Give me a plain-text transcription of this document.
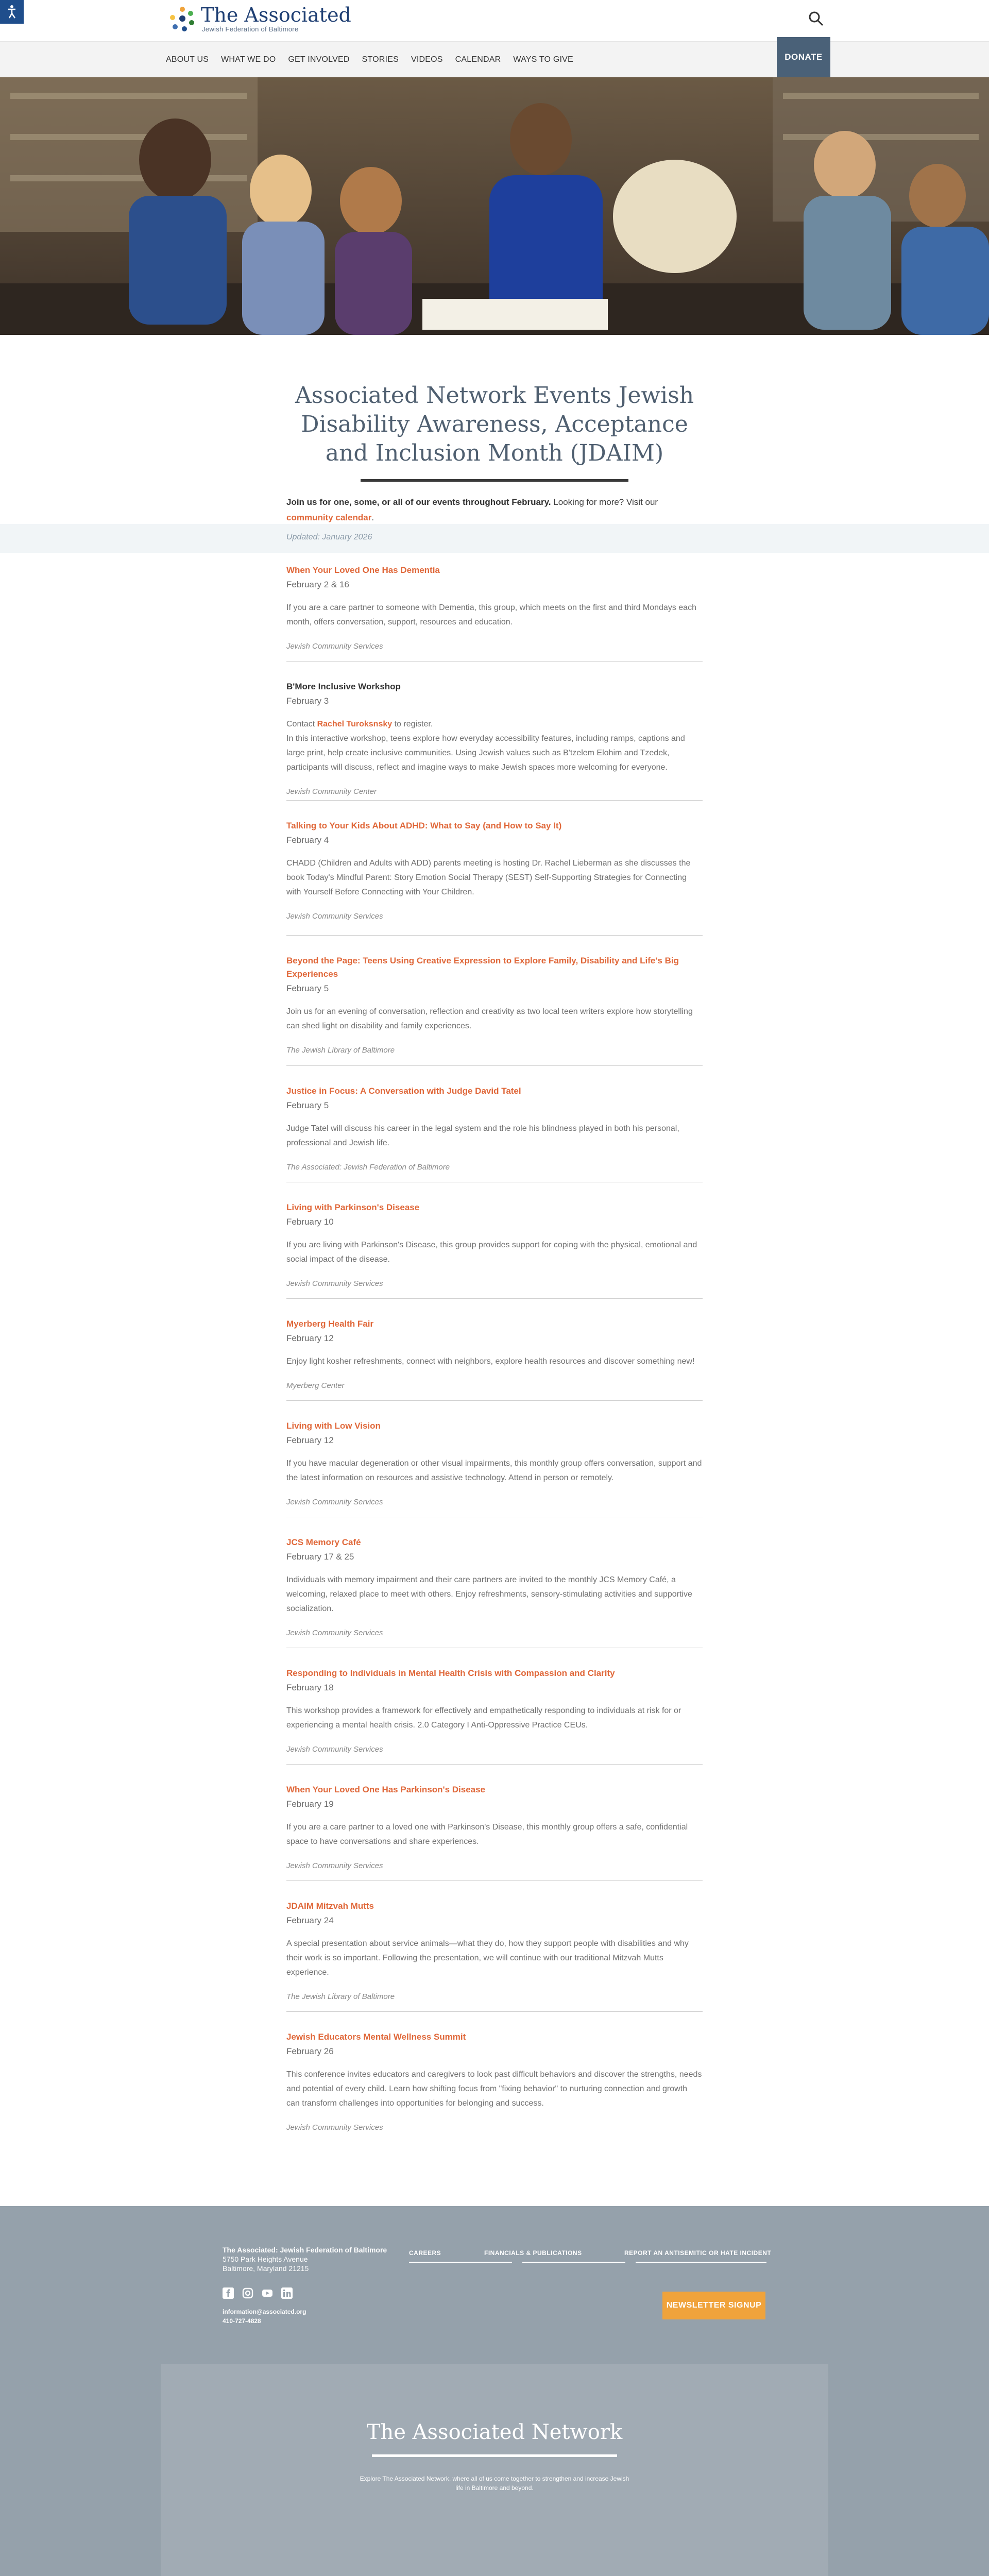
The Associated
Jewish Federation of Baltimore
ABOUT US WHAT WE DO GET INVOLVED STORIES VIDEOS CALENDAR WAYS TO GIVE	DONATE
Associated Network Events Jewish Disability Awareness, Acceptance and Inclusion Month (JDAIM)
Join us for one, some, or all of our events throughout February. Looking for more? Visit our community calendar.
Updated: January 2026
When Your Loved One Has Dementia
February 2 & 16
If you are a care partner to someone with Dementia, this group, which meets on the first and third Mondays each month, offers conversation, support, resources and education.
Jewish Community Services
B'More Inclusive Workshop
February 3
Contact Rachel Turoksnsky to register.
In this interactive workshop, teens explore how everyday accessibility features, including ramps, captions and large print, help create inclusive communities. Using Jewish values such as B'tzelem Elohim and Tzedek, participants will discuss, reflect and imagine ways to make Jewish spaces more welcoming for everyone.
Jewish Community Center
Talking to Your Kids About ADHD: What to Say (and How to Say It)
February 4
CHADD (Children and Adults with ADD) parents meeting is hosting Dr. Rachel Lieberman as she discusses the book Today's Mindful Parent: Story Emotion Social Therapy (SEST) Self-Supporting Strategies for Connecting with Yourself Before Connecting with Your Children.
Jewish Community Services
Beyond the Page: Teens Using Creative Expression to Explore Family, Disability and Life's Big Experiences
February 5
Join us for an evening of conversation, reflection and creativity as two local teen writers explore how storytelling can shed light on disability and family experiences.
The Jewish Library of Baltimore
Justice in Focus: A Conversation with Judge David Tatel
February 5
Judge Tatel will discuss his career in the legal system and the role his blindness played in both his personal, professional and Jewish life.
The Associated: Jewish Federation of Baltimore
Living with Parkinson's Disease
February 10
If you are living with Parkinson's Disease, this group provides support for coping with the physical, emotional and social impact of the disease.
Jewish Community Services
Myerberg Health Fair
February 12
Enjoy light kosher refreshments, connect with neighbors, explore health resources and discover something new!
Myerberg Center
Living with Low Vision
February 12
If you have macular degeneration or other visual impairments, this monthly group offers conversation, support and the latest information on resources and assistive technology. Attend in person or remotely.
Jewish Community Services
JCS Memory Café
February 17 & 25
Individuals with memory impairment and their care partners are invited to the monthly JCS Memory Café, a welcoming, relaxed place to meet with others. Enjoy refreshments, sensory-stimulating activities and supportive socialization.
Jewish Community Services
Responding to Individuals in Mental Health Crisis with Compassion and Clarity
February 18
This workshop provides a framework for effectively and empathetically responding to individuals at risk for or experiencing a mental health crisis. 2.0 Category I Anti-Oppressive Practice CEUs.
Jewish Community Services
When Your Loved One Has Parkinson's Disease
February 19
If you are a care partner to a loved one with Parkinson's Disease, this monthly group offers a safe, confidential space to have conversations and share experiences.
Jewish Community Services
JDAIM Mitzvah Mutts
February 24
A special presentation about service animals—what they do, how they support people with disabilities and why their work is so important. Following the presentation, we will continue with our traditional Mitzvah Mutts experience.
The Jewish Library of Baltimore
Jewish Educators Mental Wellness Summit
February 26
This conference invites educators and caregivers to look past difficult behaviors and discover the strengths, needs and potential of every child. Learn how shifting focus from "fixing behavior" to nurturing connection and growth can transform challenges into opportunities for belonging and success.
Jewish Community Services
The Associated: Jewish Federation of Baltimore
5750 Park Heights Avenue
Baltimore, Maryland 21215
information@associated.org
410-727-4828
CAREERS	FINANCIALS & PUBLICATIONS	REPORT AN ANTISEMITIC OR HATE INCIDENT
NEWSLETTER SIGNUP
The Associated Network
Explore The Associated Network, where all of us come together to strengthen and increase Jewish life in Baltimore and beyond.
